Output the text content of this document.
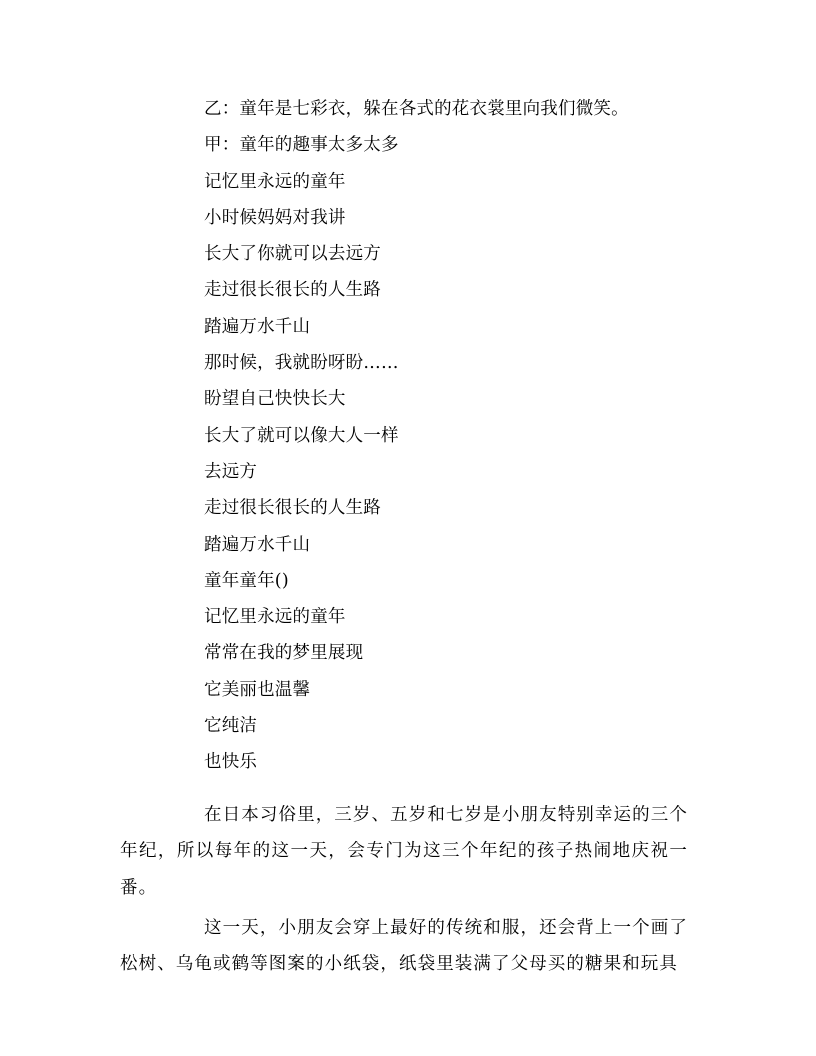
乙：童年是七彩衣，躲在各式的花衣裳里向我们微笑。
甲：童年的趣事太多太多
记忆里永远的童年
小时候妈妈对我讲
长大了你就可以去远方
走过很长很长的人生路
踏遍万水千山
那时候，我就盼呀盼……
盼望自己快快长大
长大了就可以像大人一样
去远方
走过很长很长的人生路
踏遍万水千山
童年童年()
记忆里永远的童年
常常在我的梦里展现
它美丽也温馨
它纯洁
也快乐

在日本习俗里，三岁、五岁和七岁是小朋友特别幸运的三个年纪，所以每年的这一天，会专门为这三个年纪的孩子热闹地庆祝一番。

这一天，小朋友会穿上最好的传统和服，还会背上一个画了松树、乌龟或鹤等图案的小纸袋，纸袋里装满了父母买的糖果和玩具
